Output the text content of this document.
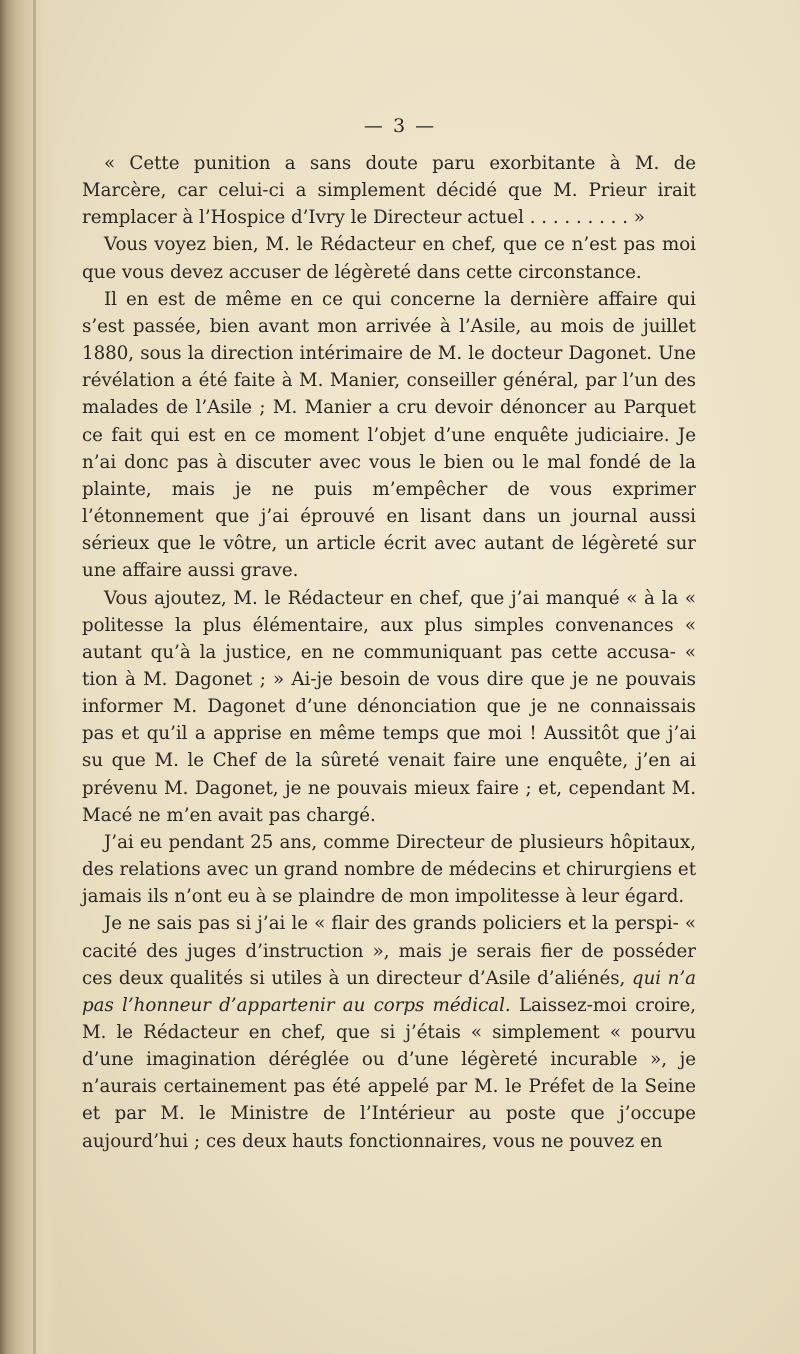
— 3 —

« Cette punition a sans doute paru exorbitante à M. de Marcère, car celui-ci a simplement décidé que M. Prieur irait remplacer à l’Hospice d’Ivry le Directeur actuel . . . . . . . . . »

Vous voyez bien, M. le Rédacteur en chef, que ce n’est pas moi que vous devez accuser de légèreté dans cette circonstance.

Il en est de même en ce qui concerne la dernière affaire qui s’est passée, bien avant mon arrivée à l’Asile, au mois de juillet 1880, sous la direction intérimaire de M. le docteur Dagonet. Une révélation a été faite à M. Manier, conseiller général, par l’un des malades de l’Asile ; M. Manier a cru devoir dénoncer au Parquet ce fait qui est en ce moment l’objet d’une enquête judiciaire. Je n’ai donc pas à discuter avec vous le bien ou le mal fondé de la plainte, mais je ne puis m’empêcher de vous exprimer l’étonnement que j’ai éprouvé en lisant dans un journal aussi sérieux que le vôtre, un article écrit avec autant de légèreté sur une affaire aussi grave.

Vous ajoutez, M. le Rédacteur en chef, que j’ai manqué « à la « politesse la plus élémentaire, aux plus simples convenances « autant qu’à la justice, en ne communiquant pas cette accusa- « tion à M. Dagonet ; » Ai-je besoin de vous dire que je ne pouvais informer M. Dagonet d’une dénonciation que je ne connaissais pas et qu’il a apprise en même temps que moi ! Aussitôt que j’ai su que M. le Chef de la sûreté venait faire une enquête, j’en ai prévenu M. Dagonet, je ne pouvais mieux faire ; et, cependant M. Macé ne m’en avait pas chargé.

J’ai eu pendant 25 ans, comme Directeur de plusieurs hôpitaux, des relations avec un grand nombre de médecins et chirurgiens et jamais ils n’ont eu à se plaindre de mon impolitesse à leur égard.

Je ne sais pas si j’ai le « flair des grands policiers et la perspi- « cacité des juges d’instruction », mais je serais fier de posséder ces deux qualités si utiles à un directeur d’Asile d’aliénés, qui n’a pas l’honneur d’appartenir au corps médical. Laissez-moi croire, M. le Rédacteur en chef, que si j’étais « simplement « pourvu d’une imagination déréglée ou d’une légèreté incurable », je n’aurais certainement pas été appelé par M. le Préfet de la Seine et par M. le Ministre de l’Intérieur au poste que j’occupe aujourd’hui ; ces deux hauts fonctionnaires, vous ne pouvez en
